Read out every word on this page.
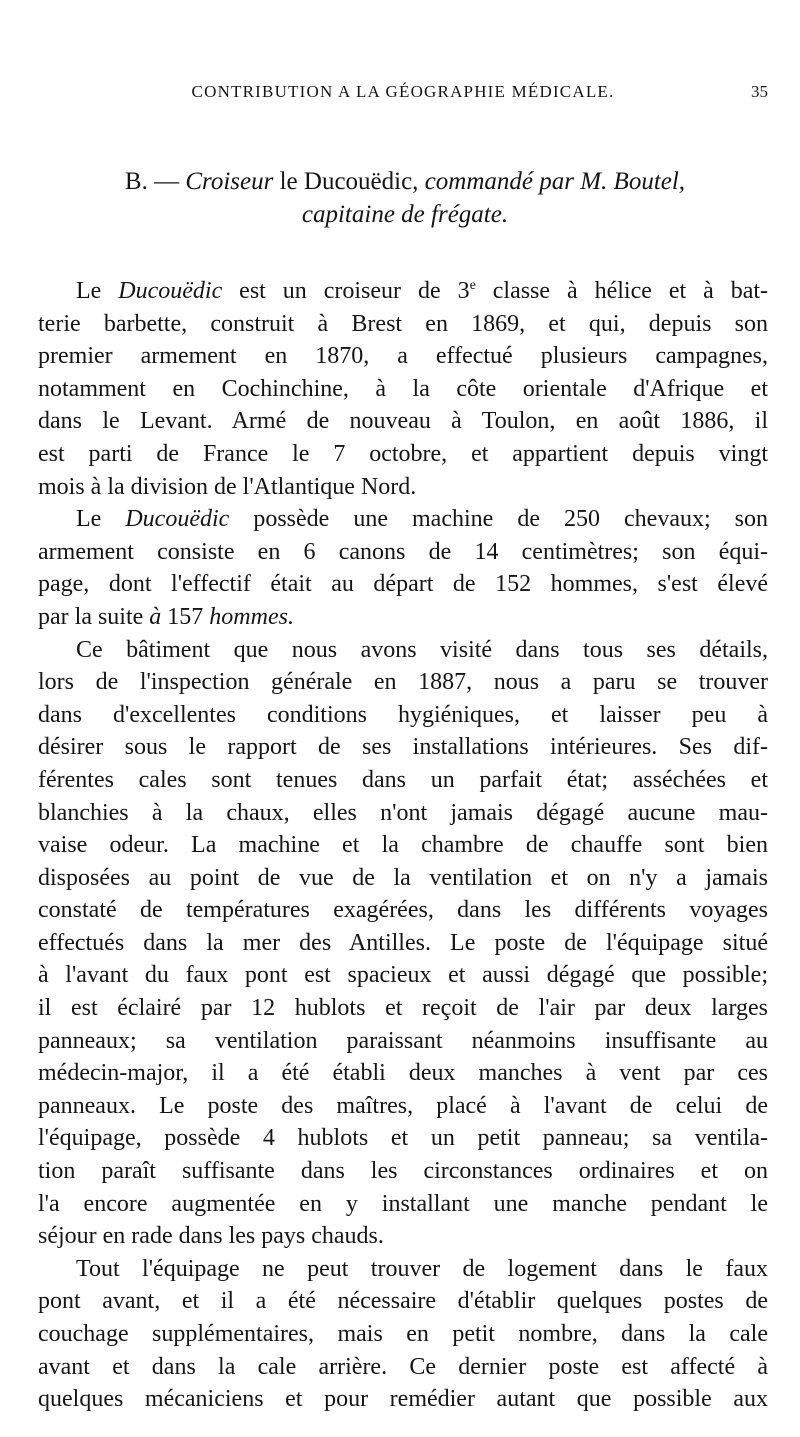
CONTRIBUTION A LA GÉOGRAPHIE MÉDICALE.	35
B. — Croiseur le Ducouëdic, commandé par M. Boutel,
capitaine de frégate.
Le Ducouëdic est un croiseur de 3e classe à hélice et à bat-
terie barbette, construit à Brest en 1869, et qui, depuis son
premier armement en 1870, a effectué plusieurs campagnes,
notamment en Cochinchine, à la côte orientale d'Afrique et
dans le Levant. Armé de nouveau à Toulon, en août 1886, il
est parti de France le 7 octobre, et appartient depuis vingt
mois à la division de l'Atlantique Nord.
Le Ducouëdic possède une machine de 250 chevaux; son
armement consiste en 6 canons de 14 centimètres; son équi-
page, dont l'effectif était au départ de 152 hommes, s'est élevé
par la suite à 157 hommes.
Ce bâtiment que nous avons visité dans tous ses détails,
lors de l'inspection générale en 1887, nous a paru se trouver
dans d'excellentes conditions hygiéniques, et laisser peu à
désirer sous le rapport de ses installations intérieures. Ses dif-
férentes cales sont tenues dans un parfait état; asséchées et
blanchies à la chaux, elles n'ont jamais dégagé aucune mau-
vaise odeur. La machine et la chambre de chauffe sont bien
disposées au point de vue de la ventilation et on n'y a jamais
constaté de températures exagérées, dans les différents voyages
effectués dans la mer des Antilles. Le poste de l'équipage situé
à l'avant du faux pont est spacieux et aussi dégagé que possible;
il est éclairé par 12 hublots et reçoit de l'air par deux larges
panneaux; sa ventilation paraissant néanmoins insuffisante au
médecin-major, il a été établi deux manches à vent par ces
panneaux. Le poste des maîtres, placé à l'avant de celui de
l'équipage, possède 4 hublots et un petit panneau; sa ventila-
tion paraît suffisante dans les circonstances ordinaires et on
l'a encore augmentée en y installant une manche pendant le
séjour en rade dans les pays chauds.
Tout l'équipage ne peut trouver de logement dans le faux
pont avant, et il a été nécessaire d'établir quelques postes de
couchage supplémentaires, mais en petit nombre, dans la cale
avant et dans la cale arrière. Ce dernier poste est affecté à
quelques mécaniciens et pour remédier autant que possible aux
